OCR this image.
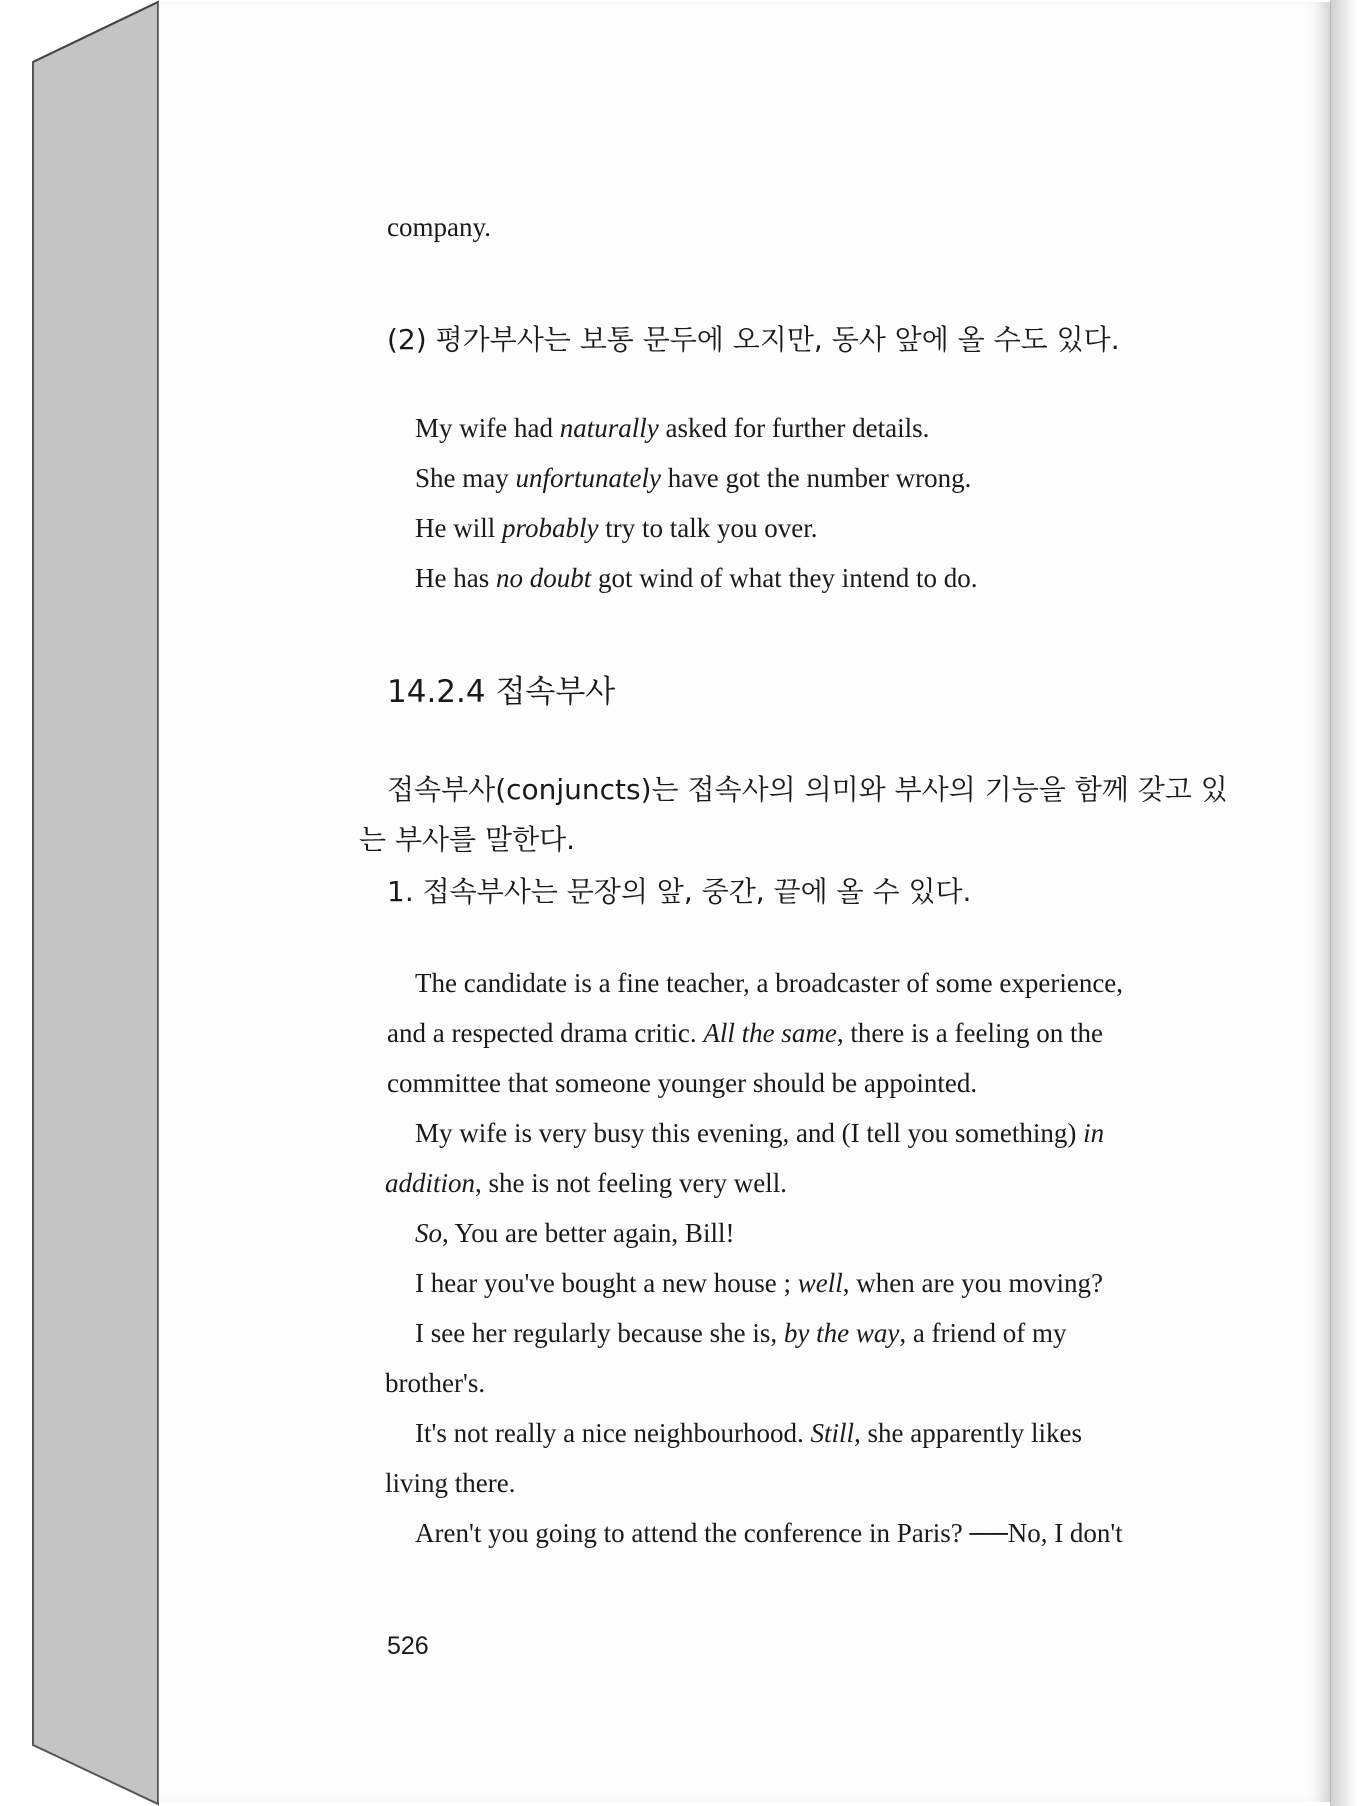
company.
(2) 평가부사는 보통 문두에 오지만, 동사 앞에 올 수도 있다.
My wife had naturally asked for further details.
She may unfortunately have got the number wrong.
He will probably try to talk you over.
He has no doubt got wind of what they intend to do.
14.2.4 접속부사
접속부사(conjuncts)는 접속사의 의미와 부사의 기능을 함께 갖고 있
는 부사를 말한다.
1. 접속부사는 문장의 앞, 중간, 끝에 올 수 있다.
The candidate is a fine teacher, a broadcaster of some experience,
and a respected drama critic. All the same, there is a feeling on the
committee that someone younger should be appointed.
My wife is very busy this evening, and (I tell you something) in
addition, she is not feeling very well.
So, You are better again, Bill!
I hear you've bought a new house ; well, when are you moving?
I see her regularly because she is, by the way, a friend of my
brother's.
It's not really a nice neighbourhood. Still, she apparently likes
living there.
Aren't you going to attend the conference in Paris? ──No, I don't
526
